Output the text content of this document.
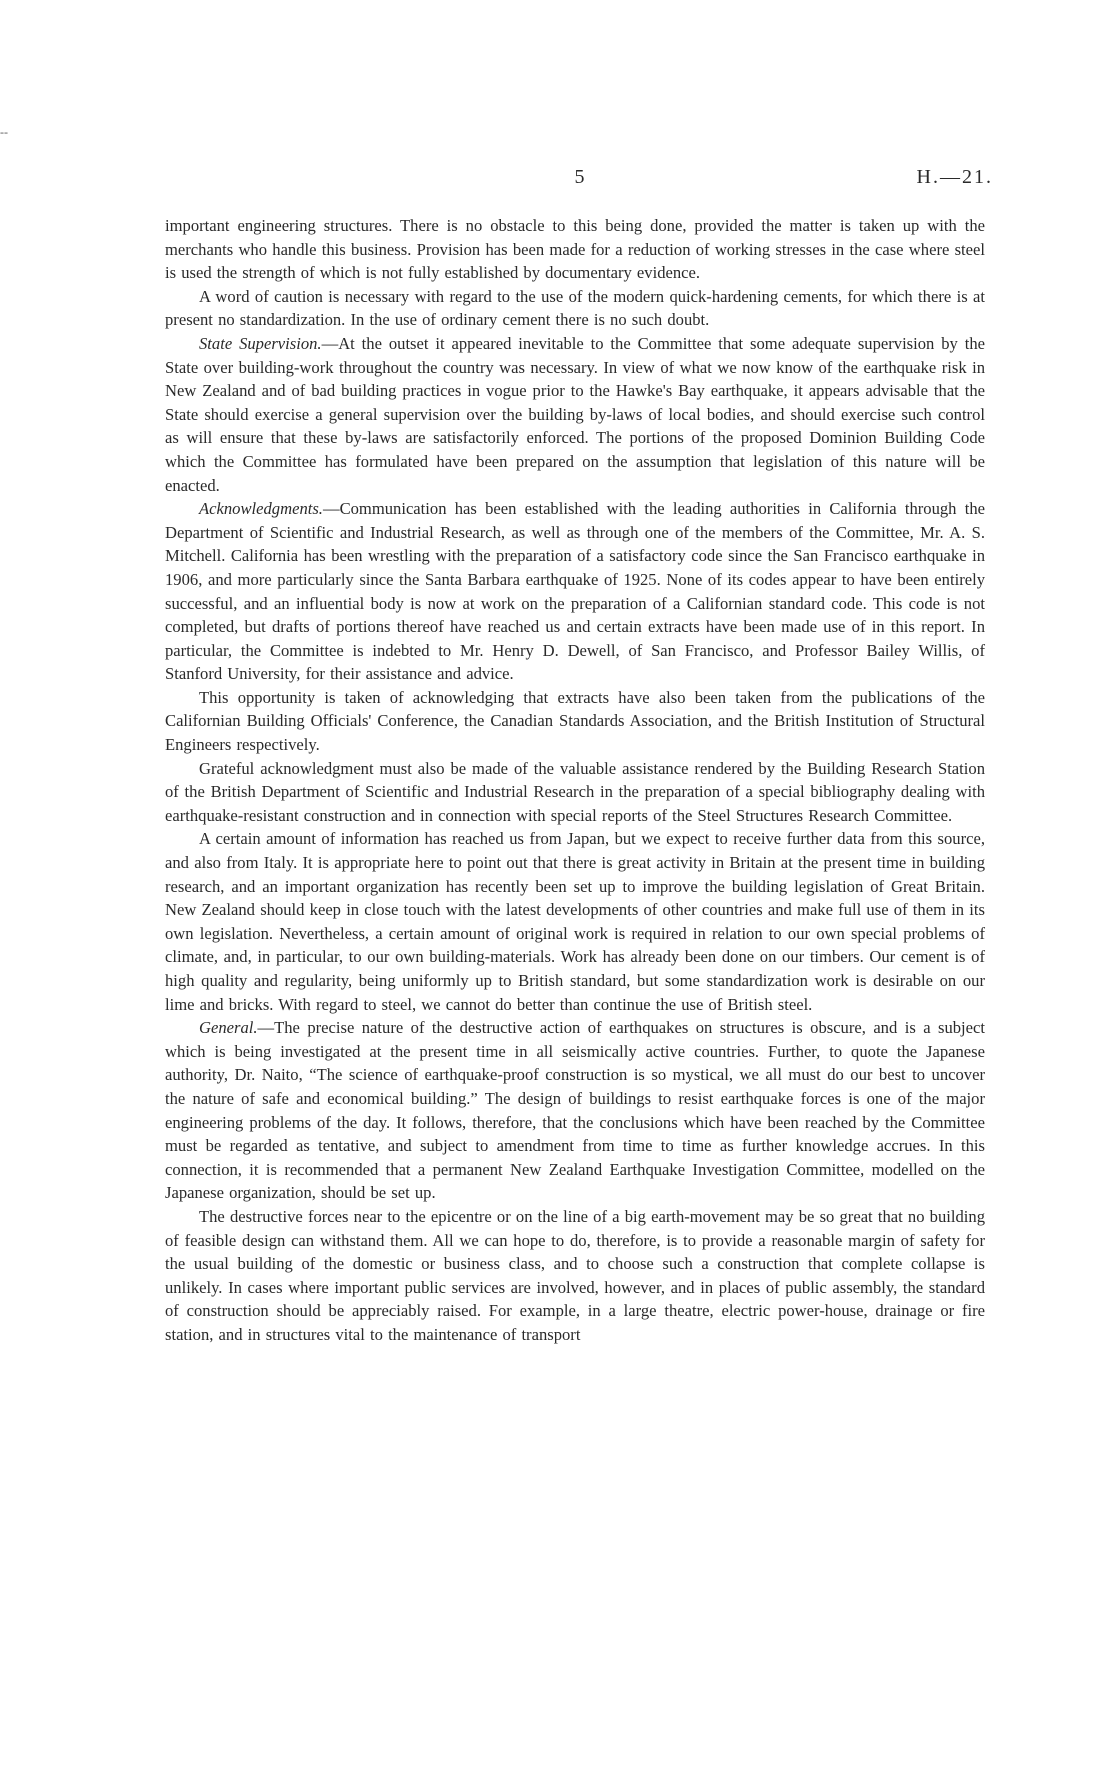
--
5	H.—21.

important engineering structures. There is no obstacle to this being done, provided the matter is taken up with the merchants who handle this business. Provision has been made for a reduction of working stresses in the case where steel is used the strength of which is not fully established by documentary evidence.

A word of caution is necessary with regard to the use of the modern quick-hardening cements, for which there is at present no standardization. In the use of ordinary cement there is no such doubt.

State Supervision.—At the outset it appeared inevitable to the Committee that some adequate supervision by the State over building-work throughout the country was necessary. In view of what we now know of the earthquake risk in New Zealand and of bad building practices in vogue prior to the Hawke's Bay earthquake, it appears advisable that the State should exercise a general supervision over the building by-laws of local bodies, and should exercise such control as will ensure that these by-laws are satisfactorily enforced. The portions of the proposed Dominion Building Code which the Committee has formulated have been prepared on the assumption that legislation of this nature will be enacted.

Acknowledgments.—Communication has been established with the leading authorities in California through the Department of Scientific and Industrial Research, as well as through one of the members of the Committee, Mr. A. S. Mitchell. California has been wrestling with the preparation of a satisfactory code since the San Francisco earthquake in 1906, and more particularly since the Santa Barbara earthquake of 1925. None of its codes appear to have been entirely successful, and an influential body is now at work on the preparation of a Californian standard code. This code is not completed, but drafts of portions thereof have reached us and certain extracts have been made use of in this report. In particular, the Committee is indebted to Mr. Henry D. Dewell, of San Francisco, and Professor Bailey Willis, of Stanford University, for their assistance and advice.

This opportunity is taken of acknowledging that extracts have also been taken from the publications of the Californian Building Officials' Conference, the Canadian Standards Association, and the British Institution of Structural Engineers respectively.

Grateful acknowledgment must also be made of the valuable assistance rendered by the Building Research Station of the British Department of Scientific and Industrial Research in the preparation of a special bibliography dealing with earthquake-resistant construction and in connection with special reports of the Steel Structures Research Committee.

A certain amount of information has reached us from Japan, but we expect to receive further data from this source, and also from Italy. It is appropriate here to point out that there is great activity in Britain at the present time in building research, and an important organization has recently been set up to improve the building legislation of Great Britain. New Zealand should keep in close touch with the latest developments of other countries and make full use of them in its own legislation. Nevertheless, a certain amount of original work is required in relation to our own special problems of climate, and, in particular, to our own building-materials. Work has already been done on our timbers. Our cement is of high quality and regularity, being uniformly up to British standard, but some standardization work is desirable on our lime and bricks. With regard to steel, we cannot do better than continue the use of British steel.

General.—The precise nature of the destructive action of earthquakes on structures is obscure, and is a subject which is being investigated at the present time in all seismically active countries. Further, to quote the Japanese authority, Dr. Naito, “The science of earthquake-proof construction is so mystical, we all must do our best to uncover the nature of safe and economical building.” The design of buildings to resist earthquake forces is one of the major engineering problems of the day. It follows, therefore, that the conclusions which have been reached by the Committee must be regarded as tentative, and subject to amendment from time to time as further knowledge accrues. In this connection, it is recommended that a permanent New Zealand Earthquake Investigation Committee, modelled on the Japanese organization, should be set up.

The destructive forces near to the epicentre or on the line of a big earth-movement may be so great that no building of feasible design can withstand them. All we can hope to do, therefore, is to provide a reasonable margin of safety for the usual building of the domestic or business class, and to choose such a construction that complete collapse is unlikely. In cases where important public services are involved, however, and in places of public assembly, the standard of construction should be appreciably raised. For example, in a large theatre, electric power-house, drainage or fire station, and in structures vital to the maintenance of transport
